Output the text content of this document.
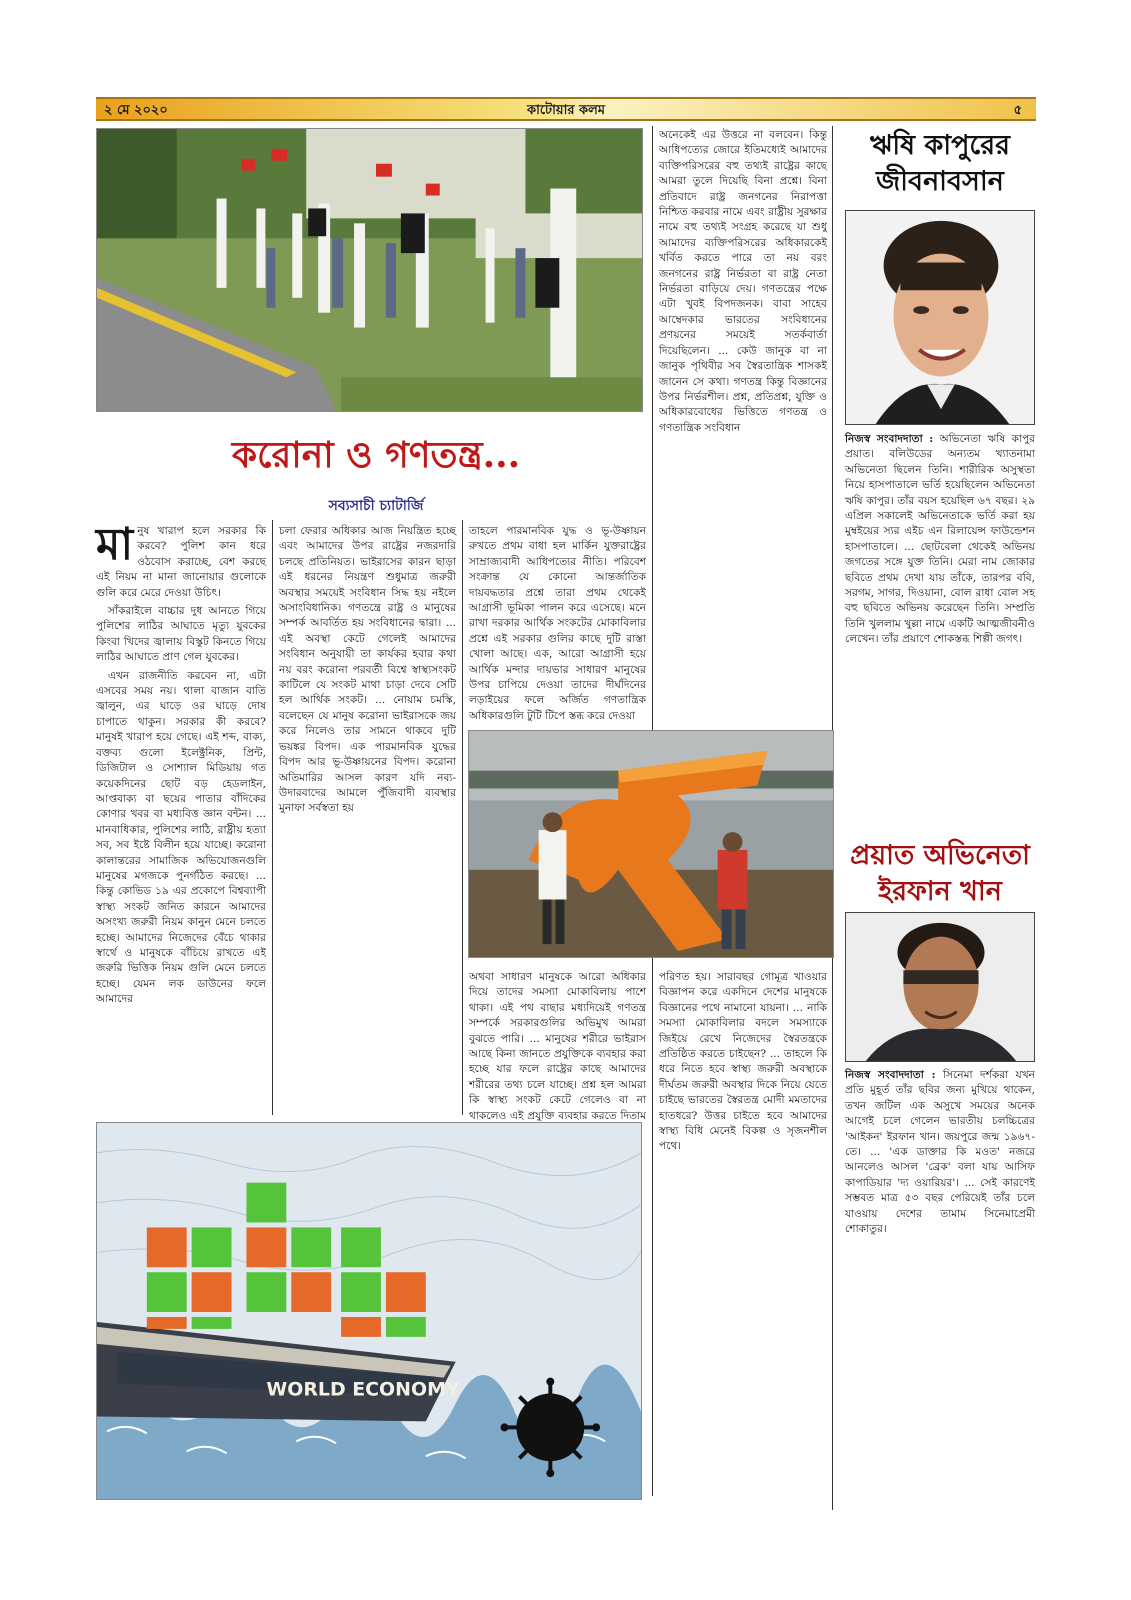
২ মে ২০২০	কাটোয়ার কলম	৫
করোনা ও গণতন্ত্র...
সব্যসাচী চ্যাটার্জি

মানুষ খারাপ হলে সরকার কি করবে? পুলিশ কান ধরে ওঠবোস করাচ্ছে, বেশ করছে এই নিয়ম না মানা জানোয়ার গুলোকে গুলি করে মেরে দেওয়া উচিৎ।

সাঁকরাইলে বাচ্চার দুধ আনতে গিয়ে পুলিশের লাঠির আঘাতে মৃত্যু যুবকের কিংবা খিদের জ্বালায় বিস্কুট কিনতে গিয়ে লাঠির আঘাতে প্রাণ গেল যুবকের।

এখন রাজনীতি করবেন না, এটা এসবের সময় নয়। থালা বাজান বাতি জ্বালুন, এর ঘাড়ে ওর ঘাড়ে দোষ চাপাতে থাকুন। সরকার কী করবে? মানুষই খারাপ হয়ে গেছে। এই শব্দ, বাক্য, বক্তব্য গুলো ইলেক্ট্রনিক, প্রিন্ট, ডিজিটাল ও সোশ্যাল মিডিয়ায় গত কয়েকদিনের ছোট বড় হেডলাইন, আপ্তবাক্য বা ছয়ের পাতার বাঁদিকের কোণার খবর বা মধ্যবিত্ত জ্ঞান বন্টন। ... মানবাধিকার, পুলিশের লাঠি, রাষ্ট্রীয় হত্যা সব, সব ইষ্টে বিলীন হয়ে যাচ্ছে। করোনা কালান্তরের সামাজিক অভিযোজনগুলি মানুষের মগজকে পুনর্গঠিত করছে। ... কিন্তু কোভিড ১৯ এর প্রকোপে বিশ্বব্যাপী স্বাস্থ্য সংকট জনিত কারনে আমাদের অসংখ্য জরুরী নিয়ম কানুন মেনে চলতে হচ্ছে। আমাদের নিজেদের বেঁচে থাকার স্বার্থে ও মানুষকে বাঁচিয়ে রাখতে এই জরুরি ভিত্তিক নিয়ম গুলি মেনে চলতে হচ্ছে। যেমন লক ডাউনের ফলে আমাদের

চলা ফেরার অধিকার আজ নিয়ন্ত্রিত হচ্ছে এবং আমাদের উপর রাষ্ট্রের নজরদারি চলছে প্রতিনিয়ত। ভাইরাসের কারন ছাড়া এই ধরনের নিয়ন্ত্রণ শুধুমাত্র জরুরী অবস্থার সময়েই সংবিধান সিদ্ধ হয় নইলে অসাংবিধানিক। গণতন্ত্রে রাষ্ট্র ও মানুষের সম্পর্ক আবর্তিত হয় সংবিধানের দ্বারা। ... এই অবস্থা কেটে গেলেই আমাদের সংবিধান অনুযায়ী তা কার্যকর হবার কথা নয় বরং করোনা পরবর্তী বিশ্বে স্বাস্থ্যসংকট কাটিলে যে সংকট মাথা চাড়া দেবে সেটি হল আর্থিক সংকট। ... নোয়াম চমস্কি, বলেছেন যে মানুষ করোনা ভাইরাসকে জয় করে নিলেও তার সামনে থাকবে দুটি ভয়ঙ্কর বিপদ। এক পারমানবিক যুদ্ধের বিপদ আর ভূ-উষ্ণায়নের বিপদ। করোনা অতিমারির আসল কারণ যদি নব্য-উদারবাদের আমলে পুঁজিবাদী ব্যবস্থার মুনাফা সর্বস্বতা হয়

তাহলে পারমানবিক যুদ্ধ ও ভূ-উষ্ণায়ন রুখতে প্রথম বাধা হল মার্কিন যুক্তরাষ্ট্রের সাম্রাজ্যবাদী আধিপত্যের নীতি। পরিবেশ সংক্রান্ত যে কোনো আন্তর্জাতিক দায়বদ্ধতার প্রশ্নে তারা প্রথম থেকেই আগ্রাসী ভূমিকা পালন করে এসেছে। মনে রাখা দরকার আর্থিক সংকটের মোকাবিলার প্রশ্নে এই সরকার গুলির কাছে দুটি রাস্তা খোলা আছে। এক, আরো আগ্রাসী হয়ে আর্থিক মন্দার দায়ভার সাধারণ মানুষের উপর চাপিয়ে দেওয়া তাদের দীর্ঘদিনের লড়াইয়ের ফলে অর্জিত গণতান্ত্রিক অধিকারগুলি টুটি টিপে স্তব্ধ করে দেওয়া

অথবা সাধারণ মানুষকে আরো অধিকার দিয়ে তাদের সমস্যা মোকাবিলায় পাশে থাকা। এই পথ বাছার মধ্যদিয়েই গণতন্ত্র সম্পর্কে সরকারগুলির অভিমুখ আমরা বুঝতে পারি। ... মানুষের শরীরে ভাইরাস আছে কিনা জানতে প্রযুক্তিকে ব্যবহার করা হচ্ছে যার ফলে রাষ্ট্রের কাছে আমাদের শরীরের তথ্য চলে যাচ্ছে। প্রশ্ন হল আমরা কি স্বাস্থ্য সংকট কেটে গেলেও বা না থাকলেও এই প্রযুক্তি ব্যবহার করতে দিতাম

অনেকেই এর উত্তরে না বলবেন। কিন্তু আধিপত্যের জোরে ইতিমধ্যেই আমাদের ব্যক্তিপরিসরের বহু তথ্যই রাষ্ট্রের কাছে আমরা তুলে দিয়েছি বিনা প্রশ্নে। বিনা প্রতিবাদে রাষ্ট্র জনগনের নিরাপত্তা নিশ্চিত করবার নামে এবং রাষ্ট্রীয় সুরক্ষার নামে বহু তথ্যই সংগ্রহ করেছে যা শুধু আমাদের ব্যক্তিপরিসরের অধিকারকেই খর্বিত করতে পারে তা নয় বরং জনগনের রাষ্ট্র নির্ভরতা বা রাষ্ট্র নেতা নির্ভরতা বাড়িয়ে দেয়। গণতন্ত্রের পক্ষে এটা খুবই বিপদজনক। বাবা সাহেব আম্বেদকার ভারতের সংবিধানের প্রণয়নের সময়েই সতর্কবার্তা দিয়েছিলেন। ... কেউ জানুক বা না জানুক পৃথিবীর সব স্বৈরতান্ত্রিক শাসকই জানেন সে কথা। গণতন্ত্র কিন্তু বিজ্ঞানের উপর নির্ভরশীল। প্রশ্ন, প্রতিপ্রশ্ন, যুক্তি ও অধিকারবোধের ভিত্তিতে গণতন্ত্র ও গণতান্ত্রিক সংবিধান

পরিণত হয়। সারাবছর গোমূত্র খাওয়ার বিজ্ঞাপন করে একদিনে দেশের মানুষকে বিজ্ঞানের পথে নামানো যায়না। ... নাকি সমস্যা মোকাবিলার বদলে সমস্যাকে জিইয়ে রেখে নিজেদের স্বৈরতন্ত্রকে প্রতিষ্ঠিত করতে চাইছেন? ... তাহলে কি ধরে নিতে হবে স্বাস্থ্য জরুরী অবস্থাকে দীর্ঘতম জরুরী অবস্থার দিকে নিয়ে যেতে চাইছে ভারতের স্বৈরতন্ত্র মোদী মমতাদের হাতধরে? উত্তর চাইতে হবে আমাদের স্বাস্থ্য বিধি মেনেই বিকল্প ও সৃজনশীল পথে।

WORLD ECONOMY
ঋষি কাপুরের জীবনাবসান

নিজস্ব সংবাদদাতা : অভিনেতা ঋষি কাপুর প্রয়াত। বলিউডের অন্যতম খ্যাতনামা অভিনেতা ছিলেন তিনি। শারীরিক অসুস্থতা নিয়ে হাসপাতালে ভর্তি হয়েছিলেন অভিনেতা ঋষি কাপুর। তাঁর বয়স হয়েছিল ৬৭ বছর। ২৯ এপ্রিল সকালেই অভিনেতাকে ভর্তি করা হয় মুম্বইয়ের স্যর এইচ এন রিলায়েন্স ফাউন্ডেশন হাসপাতালে। ... ছোটবেলা থেকেই অভিনয় জগতের সঙ্গে যুক্ত তিনি। মেরা নাম জোকার ছবিতে প্রথম দেখা যায় তাঁকে, তারপর ববি, সরগম, সাগর, দিওয়ানা, বোল রাধা বোল সহ বহু ছবিতে অভিনয় করেছেন তিনি। সম্প্রতি তিনি খুললাম খুল্লা নামে একটি আত্মজীবনীও লেখেন। তাঁর প্রয়াণে শোকস্তব্ধ শিল্পী জগৎ।

প্রয়াত অভিনেতা ইরফান খান

নিজস্ব সংবাদদাতা : সিনেমা দর্শকরা যখন প্রতি মুহূর্ত তাঁর ছবির জন্য মুখিয়ে থাকেন, তখন জটিল এক অসুখে সময়ের অনেক আগেই চলে গেলেন ভারতীয় চলচ্চিত্রের 'আইকন' ইরফান খান। জয়পুরে জন্ম ১৯৬৭-তে। ... 'এক ডাক্তার কি মওত' নজরে আনলেও আসল 'ব্রেক' বলা যায় আসিফ কাপাডিয়ার 'দ্য ওয়ারিয়র'। ... সেই কারণেই সম্ভবত মাত্র ৫৩ বছর পেরিয়েই তাঁর চলে যাওয়ায় দেশের তামাম সিনেমাপ্রেমী শোকাতুর।
